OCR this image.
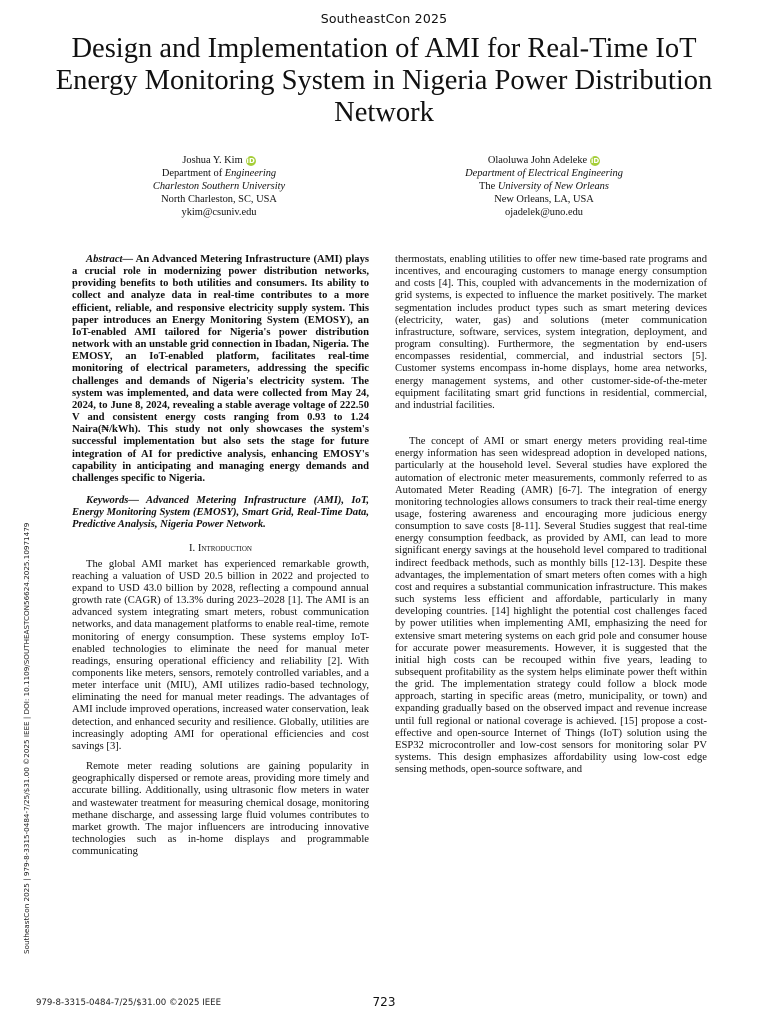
SoutheastCon 2025
Design and Implementation of AMI for Real-Time IoT Energy Monitoring System in Nigeria Power Distribution Network
Joshua Y. Kim iD
Department of Engineering
Charleston Southern University
North Charleston, SC, USA
ykim@csuniv.edu
Olaoluwa John Adeleke iD
Department of Electrical Engineering
The University of New Orleans
New Orleans, LA, USA
ojadelek@uno.edu

Abstract— An Advanced Metering Infrastructure (AMI) plays a crucial role in modernizing power distribution networks, providing benefits to both utilities and consumers. Its ability to collect and analyze data in real-time contributes to a more efficient, reliable, and responsive electricity supply system. This paper introduces an Energy Monitoring System (EMOSY), an IoT-enabled AMI tailored for Nigeria's power distribution network with an unstable grid connection in Ibadan, Nigeria. The EMOSY, an IoT-enabled platform, facilitates real-time monitoring of electrical parameters, addressing the specific challenges and demands of Nigeria's electricity system. The system was implemented, and data were collected from May 24, 2024, to June 8, 2024, revealing a stable average voltage of 222.50 V and consistent energy costs ranging from 0.93 to 1.24 Naira(₦/kWh). This study not only showcases the system's successful implementation but also sets the stage for future integration of AI for predictive analysis, enhancing EMOSY's capability in anticipating and managing energy demands and challenges specific to Nigeria.

Keywords— Advanced Metering Infrastructure (AMI), IoT, Energy Monitoring System (EMOSY), Smart Grid, Real-Time Data, Predictive Analysis, Nigeria Power Network.

I. Introduction

The global AMI market has experienced remarkable growth, reaching a valuation of USD 20.5 billion in 2022 and projected to expand to USD 43.0 billion by 2028, reflecting a compound annual growth rate (CAGR) of 13.3% during 2023–2028 [1]. The AMI is an advanced system integrating smart meters, robust communication networks, and data management platforms to enable real-time, remote monitoring of energy consumption. These systems employ IoT-enabled technologies to eliminate the need for manual meter readings, ensuring operational efficiency and reliability [2]. With components like meters, sensors, remotely controlled variables, and a meter interface unit (MIU), AMI utilizes radio-based technology, eliminating the need for manual meter readings. The advantages of AMI include improved operations, increased water conservation, leak detection, and enhanced security and resilience. Globally, utilities are increasingly adopting AMI for operational efficiencies and cost savings [3].

Remote meter reading solutions are gaining popularity in geographically dispersed or remote areas, providing more timely and accurate billing. Additionally, using ultrasonic flow meters in water and wastewater treatment for measuring chemical dosage, monitoring methane discharge, and assessing large fluid volumes contributes to market growth. The major influencers are introducing innovative technologies such as in-home displays and programmable communicating

thermostats, enabling utilities to offer new time-based rate programs and incentives, and encouraging customers to manage energy consumption and costs [4]. This, coupled with advancements in the modernization of grid systems, is expected to influence the market positively. The market segmentation includes product types such as smart metering devices (electricity, water, gas) and solutions (meter communication infrastructure, software, services, system integration, deployment, and program consulting). Furthermore, the segmentation by end-users encompasses residential, commercial, and industrial sectors [5]. Customer systems encompass in-home displays, home area networks, energy management systems, and other customer-side-of-the-meter equipment facilitating smart grid functions in residential, commercial, and industrial facilities.

The concept of AMI or smart energy meters providing real-time energy information has seen widespread adoption in developed nations, particularly at the household level. Several studies have explored the automation of electronic meter measurements, commonly referred to as Automated Meter Reading (AMR) [6-7]. The integration of energy monitoring technologies allows consumers to track their real-time energy usage, fostering awareness and encouraging more judicious energy consumption to save costs [8-11]. Several Studies suggest that real-time energy consumption feedback, as provided by AMI, can lead to more significant energy savings at the household level compared to traditional indirect feedback methods, such as monthly bills [12-13]. Despite these advantages, the implementation of smart meters often comes with a high cost and requires a substantial communication infrastructure. This makes such systems less efficient and affordable, particularly in many developing countries. [14] highlight the potential cost challenges faced by power utilities when implementing AMI, emphasizing the need for extensive smart metering systems on each grid pole and consumer house for accurate power measurements. However, it is suggested that the initial high costs can be recouped within five years, leading to subsequent profitability as the system helps eliminate power theft within the grid. The implementation strategy could follow a block mode approach, starting in specific areas (metro, municipality, or town) and expanding gradually based on the observed impact and revenue increase until full regional or national coverage is achieved. [15] propose a cost-effective and open-source Internet of Things (IoT) solution using the ESP32 microcontroller and low-cost sensors for monitoring solar PV systems. This design emphasizes affordability using low-cost edge sensing methods, open-source software, and

SoutheastCon 2025 | 979-8-3315-0484-7/25/$31.00 ©2025 IEEE | DOI: 10.1109/SOUTHEASTCON56624.2025.10971479
979-8-3315-0484-7/25/$31.00 ©2025 IEEE	723
